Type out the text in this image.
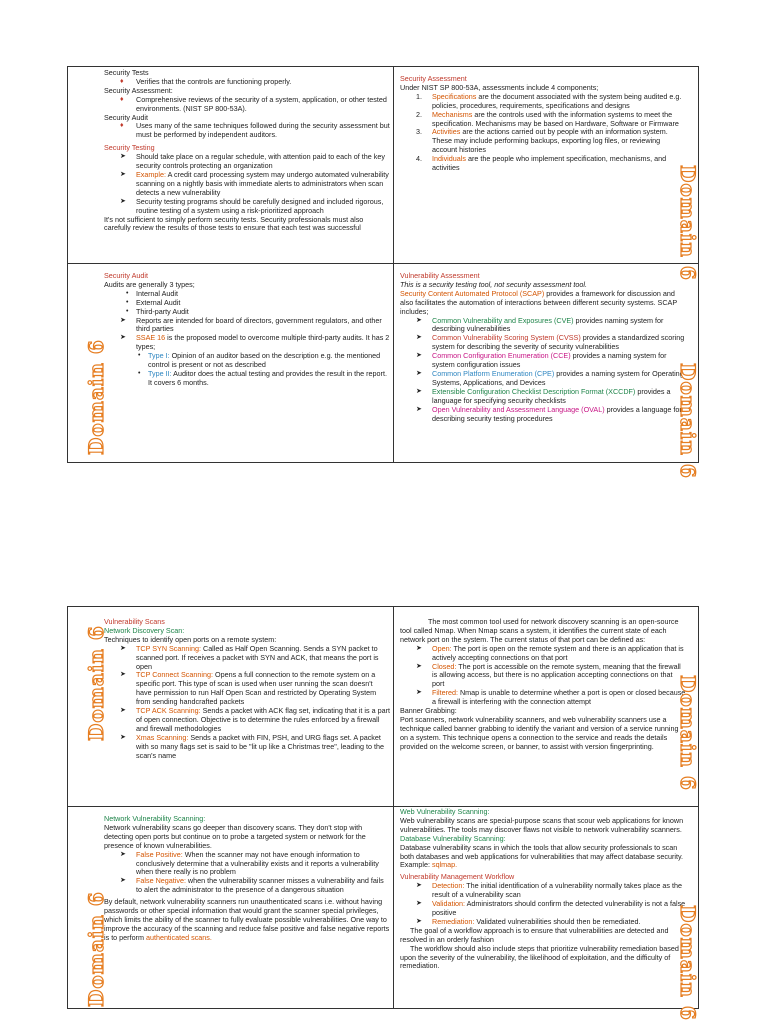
Security Tests

♦ Verifies that the controls are functioning properly.

Security Assessment:

♦ Comprehensive reviews of the security of a system, application, or other tested environments. (NIST SP 800-53A).

Security Audit

♦ Uses many of the same techniques followed during the security assessment but must be performed by independent auditors.

Security Testing

➤ Should take place on a regular schedule, with attention paid to each of the key security controls protecting an organization
➤ Example: A credit card processing system may undergo automated vulnerability scanning on a nightly basis with immediate alerts to administrators when scan detects a new vulnerability
➤ Security testing programs should be carefully designed and included rigorous, routine testing of a system using a risk-prioritized approach

It's not sufficient to simply perform security tests. Security professionals must also carefully review the results of those tests to ensure that each test was successful

Security Assessment

Under NIST SP 800-53A, assessments include 4 components;

1. Specifications are the document associated with the system being audited e.g. policies, procedures, requirements, specifications and designs
2. Mechanisms are the controls used with the information systems to meet the specification. Mechanisms may be based on Hardware, Software or Firmware
3. Activities are the actions carried out by people with an information system. These may include performing backups, exporting log files, or reviewing account histories
4. Individuals are the people who implement specification, mechanisms, and activities

Security Audit

Audits are generally 3 types;

• Internal Audit
• External Audit
• Third-party Audit
➤ Reports are intended for board of directors, government regulators, and other third parties
➤ SSAE 16 is the proposed model to overcome multiple third-party audits. It has 2 types;
• Type I: Opinion of an auditor based on the description e.g. the mentioned control is present or not as described
• Type II: Auditor does the actual testing and provides the result in the report. It covers 6 months.

Vulnerability Assessment

This is a security testing tool, not security assessment tool.

Security Content Automated Protocol (SCAP) provides a framework for discussion and also facilitates the automation of interactions between different security systems. SCAP includes;

➤ Common Vulnerability and Exposures (CVE) provides naming system for describing vulnerabilities
➤ Common Vulnerability Scoring System (CVSS) provides a standardized scoring system for describing the severity of security vulnerabilities
➤ Common Configuration Enumeration (CCE) provides a naming system for system configuration issues
➤ Common Platform Enumeration (CPE) provides a naming system for Operating Systems, Applications, and Devices
➤ Extensible Configuration Checklist Description Format (XCCDF) provides a language for specifying security checklists
➤ Open Vulnerability and Assessment Language (OVAL) provides a language for describing security testing procedures
Domain 6
Domain 6	Domain 6

Vulnerability Scans

Network Discovery Scan:

Techniques to identify open ports on a remote system:

➤ TCP SYN Scanning: Called as Half Open Scanning. Sends a SYN packet to scanned port. If receives a packet with SYN and ACK, that means the port is open
➤ TCP Connect Scanning: Opens a full connection to the remote system on a specific port. This type of scan is used when user running the scan doesn't have permission to run Half Open Scan and restricted by Operating System from sending handcrafted packets
➤ TCP ACK Scanning: Sends a packet with ACK flag set, indicating that it is a part of open connection. Objective is to determine the rules enforced by a firewall and firewall methodologies
➤ Xmas Scanning: Sends a packet with FIN, PSH, and URG flags set. A packet with so many flags set is said to be "lit up like a Christmas tree", leading to the scan's name

The most common tool used for network discovery scanning is an open-source tool called Nmap. When Nmap scans a system, it identifies the current state of each network port on the system. The current status of that port can be defined as:

➤ Open: The port is open on the remote system and there is an application that is actively accepting connections on that port
➤ Closed: The port is accessible on the remote system, meaning that the firewall is allowing access, but there is no application accepting connections on that port
➤ Filtered: Nmap is unable to determine whether a port is open or closed because a firewall is interfering with the connection attempt

Banner Grabbing:

Port scanners, network vulnerability scanners, and web vulnerability scanners use a technique called banner grabbing to identify the variant and version of a service running on a system. This technique opens a connection to the service and reads the details provided on the welcome screen, or banner, to assist with version fingerprinting.

Network Vulnerability Scanning:

Network vulnerability scans go deeper than discovery scans. They don't stop with detecting open ports but continue on to probe a targeted system or network for the presence of known vulnerabilities.

➤ False Positive: When the scanner may not have enough information to conclusively determine that a vulnerability exists and it reports a vulnerability when there really is no problem
➤ False Negative: when the vulnerability scanner misses a vulnerability and fails to alert the administrator to the presence of a dangerous situation

By default, network vulnerability scanners run unauthenticated scans i.e. without having passwords or other special information that would grant the scanner special privileges, which limits the ability of the scanner to fully evaluate possible vulnerabilities. One way to improve the accuracy of the scanning and reduce false positive and false negative reports is to perform authenticated scans.

Web Vulnerability Scanning:

Web vulnerability scans are special-purpose scans that scour web applications for known vulnerabilities. The tools may discover flaws not visible to network vulnerability scanners.

Database Vulnerability Scanning:

Database vulnerability scans in which the tools that allow security professionals to scan both databases and web applications for vulnerabilities that may affect database security. Example: sqlmap.

Vulnerability Management Workflow

➤ Detection: The initial identification of a vulnerability normally takes place as the result of a vulnerability scan
➤ Validation: Administrators should confirm the detected vulnerability is not a false positive
➤ Remediation: Validated vulnerabilities should then be remediated.

The goal of a workflow approach is to ensure that vulnerabilities are detected and resolved in an orderly fashion

The workflow should also include steps that prioritize vulnerability remediation based upon the severity of the vulnerability, the likelihood of exploitation, and the difficulty of remediation.

Domain 6	Domain 6
Domain 6	Domain 6
